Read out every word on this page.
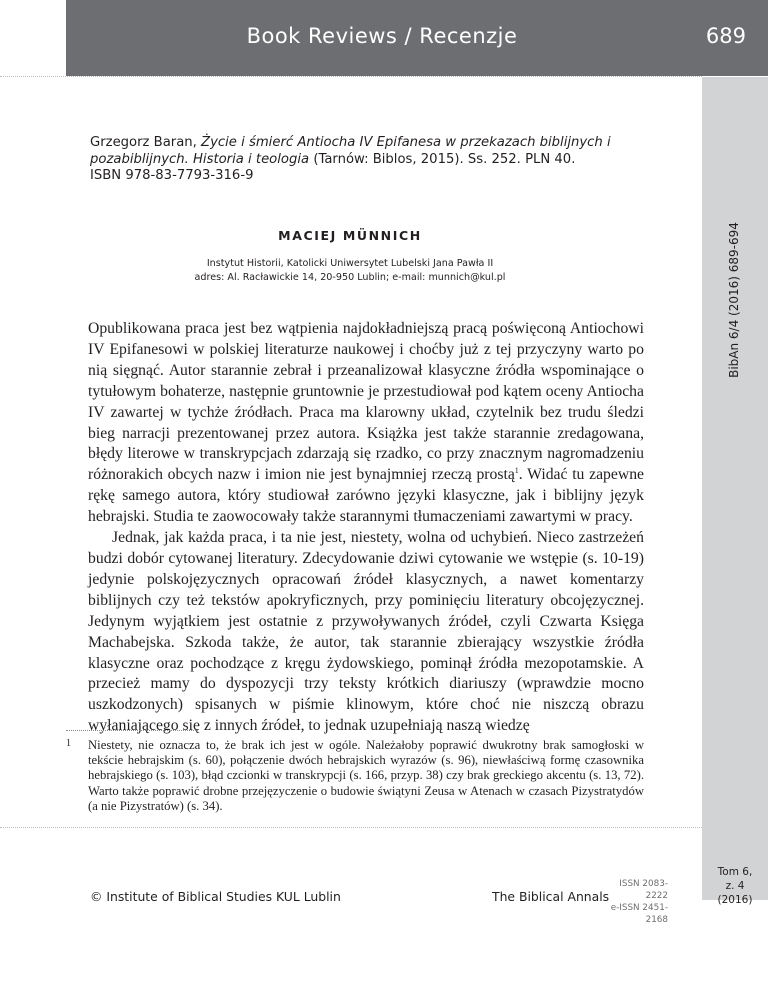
Book Reviews / Recenzje	689
BibAn 6/4 (2016) 689-694
Grzegorz Baran, Życie i śmierć Antiocha IV Epifanesa w przekazach biblijnych i pozabiblijnych. Historia i teologia (Tarnów: Biblos, 2015). Ss. 252. PLN 40.
ISBN 978-83-7793-316-9
MACIEJ MÜNNICH
Instytut Historii, Katolicki Uniwersytet Lubelski Jana Pawła II
adres: Al. Racławickie 14, 20-950 Lublin; e-mail: munnich@kul.pl

Opublikowana praca jest bez wątpienia najdokładniejszą pracą poświęconą Antiochowi IV Epifanesowi w polskiej literaturze naukowej i choćby już z tej przyczyny warto po nią sięgnąć. Autor starannie zebrał i przeanalizował klasyczne źródła wspominające o tytułowym bohaterze, następnie gruntownie je przestudiował pod kątem oceny Antiocha IV zawartej w tychże źródłach. Praca ma klarowny układ, czytelnik bez trudu śledzi bieg narracji prezentowanej przez autora. Książka jest także starannie zredagowana, błędy literowe w transkrypcjach zdarzają się rzadko, co przy znacznym nagromadzeniu różnorakich obcych nazw i imion nie jest bynajmniej rzeczą prostą$^1$. Widać tu zapewne rękę samego autora, który studiował zarówno języki klasyczne, jak i biblijny język hebrajski. Studia te zaowocowały także starannymi tłumaczeniami zawartymi w pracy.

Jednak, jak każda praca, i ta nie jest, niestety, wolna od uchybień. Nieco zastrzeżeń budzi dobór cytowanej literatury. Zdecydowanie dziwi cytowanie we wstępie (s. 10-19) jedynie polskojęzycznych opracowań źródeł klasycznych, a nawet komentarzy biblijnych czy też tekstów apokryficznych, przy pominięciu literatury obcojęzycznej. Jedynym wyjątkiem jest ostatnie z przywoływanych źródeł, czyli Czwarta Księga Machabejska. Szkoda także, że autor, tak starannie zbierający wszystkie źródła klasyczne oraz pochodzące z kręgu żydowskiego, pominął źródła mezopotamskie. A przecież mamy do dyspozycji trzy teksty krótkich diariuszy (wprawdzie mocno uszkodzonych) spisanych w piśmie klinowym, które choć nie niszczą obrazu wyłaniającego się z innych źródeł, to jednak uzupełniają naszą wiedzę

1 Niestety, nie oznacza to, że brak ich jest w ogóle. Należałoby poprawić dwukrotny brak samogłoski w tekście hebrajskim (s. 60), połączenie dwóch hebrajskich wyrazów (s. 96), niewłaściwą formę czasownika hebrajskiego (s. 103), błąd czcionki w transkrypcji (s. 166, przyp. 38) czy brak greckiego akcentu (s. 13, 72). Warto także poprawić drobne przejęzyczenie o budowie świątyni Zeusa w Atenach w czasach Pizystratydów (a nie Pizystratów) (s. 34).

© Institute of Biblical Studies KUL Lublin	The Biblical Annals
ISSN 2083-2222
e-ISSN 2451-2168
Tom 6,
z. 4
(2016)
